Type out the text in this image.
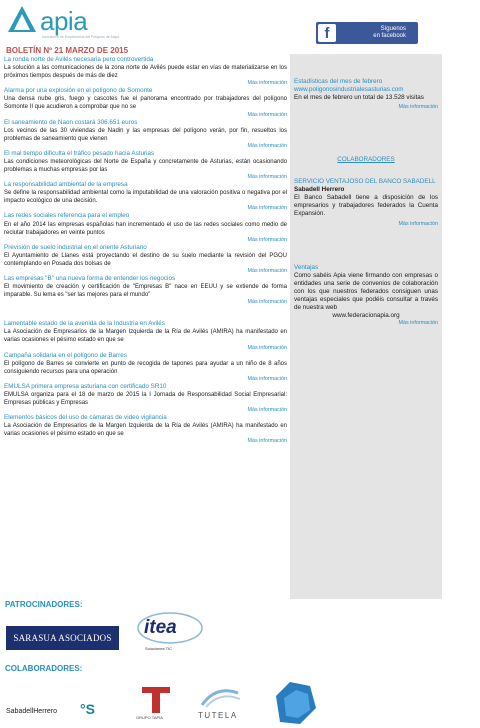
apia
Asociación de Empresarios del Polígono de Asipo	f	Síguenos
en facebook
BOLETÍN Nº 21 MARZO DE 2015
La ronda norte de Avilés necesaria pero controvertida
La solución a las comunicaciones de la zona norte de Avilés puede estar en vías de materializarse en los próximos tiempos después de más de diez
Más información
Alarma por una explosión en el polígono de Somonte
Una densa nube gris, fuego y cascotes fue el panorama encontrado por trabajadores del polígono Somonte II que acudieron a comprobar que no se
Más información
El saneamiento de Naon costará 306.651 euros
Los vecinos de las 30 viviendas de Nadin y las empresas del polígono verán, por fin, resueltos los problemas de saneamiento que vienen
Más información
El mal tiempo dificulta el tráfico pesado hacia Asturias
Las condiciones meteorológicas del Norte de España y concretamente de Asturias, están ocasionando problemas a muchas empresas por las
Más información
La responsabilidad ambiental de la empresa
Se define la responsabilidad ambiental como la imputabilidad de una valoración positiva o negativa por el impacto ecológico de una decisión.
Más información
Las redes sociales referencia para el empleo
En el año 2014 las empresas españolas han incrementado el uso de las redes sociales como medio de reclutar trabajadores en veinte puntos
Más información
Previsión de suelo industrial en el oriente Asturiano
El Ayuntamiento de Llanes está proyectando el destino de su suelo mediante la revisión del PGOU contemplando en Posada dos bolsas de
Más información
Las empresas "B" una nueva forma de entender los negocios
El movimiento de creación y certificación de "Empresas B" nace en EEUU y se extiende de forma imparable. Su lema es "ser las mejores para el mundo"
Más información
Lamentable estado de la avenida de la Industria en Avilés
La Asociación de Empresarios de la Margen Izquierda de la Ría de Avilés (AMIRA) ha manifestado en varias ocasiones el pésimo estado en que se
Más información
Campaña solidaria en el polígono de Barres
El polígono de Barres se convierte en punto de recogida de tapones para ayudar a un niño de 8 años consiguiendo recursos para una operación
Más información
EMULSA primera empresa asturiana con certificado SR10
EMULSA organiza para el 18 de marzo de 2015 la I Jornada de Responsabilidad Social Empresarial: Empresas públicas y Empresas
Más información
Elementos básicos del uso de cámaras de video vigilancia
La Asociación de Empresarios de la Margen Izquierda de la Ría de Avilés (AMIRA) ha manifestado en varias ocasiones el pésimo estado en que se
Más información
Estadísticas del mes de febrero
www.poligonosindustrialesasturias.com
En el mes de febrero un total de 13.528 visitas
Más información
COLABORADORES
SERVICIO VENTAJOSO DEL BANCO SABADELL
Sabadell Herrero
El Banco Sabadell tiene a disposición de los empresarios y trabajadores federados la Cuenta Expansión.
Más información
Ventajas
Como sabéis Apia viene firmando con empresas o entidades una serie de convenios de colaboración con los que nuestros federados consiguen unas ventajas especiales que podéis consultar a través de nuestra web
www.federacionapia.org
Más información
PATROCINADORES:
SARASUA ASOCIADOS	itea
Soluciones TIC
COLABORADORES:
SabadellHerrero °S
GRUPO TAPIA	TUTELA
